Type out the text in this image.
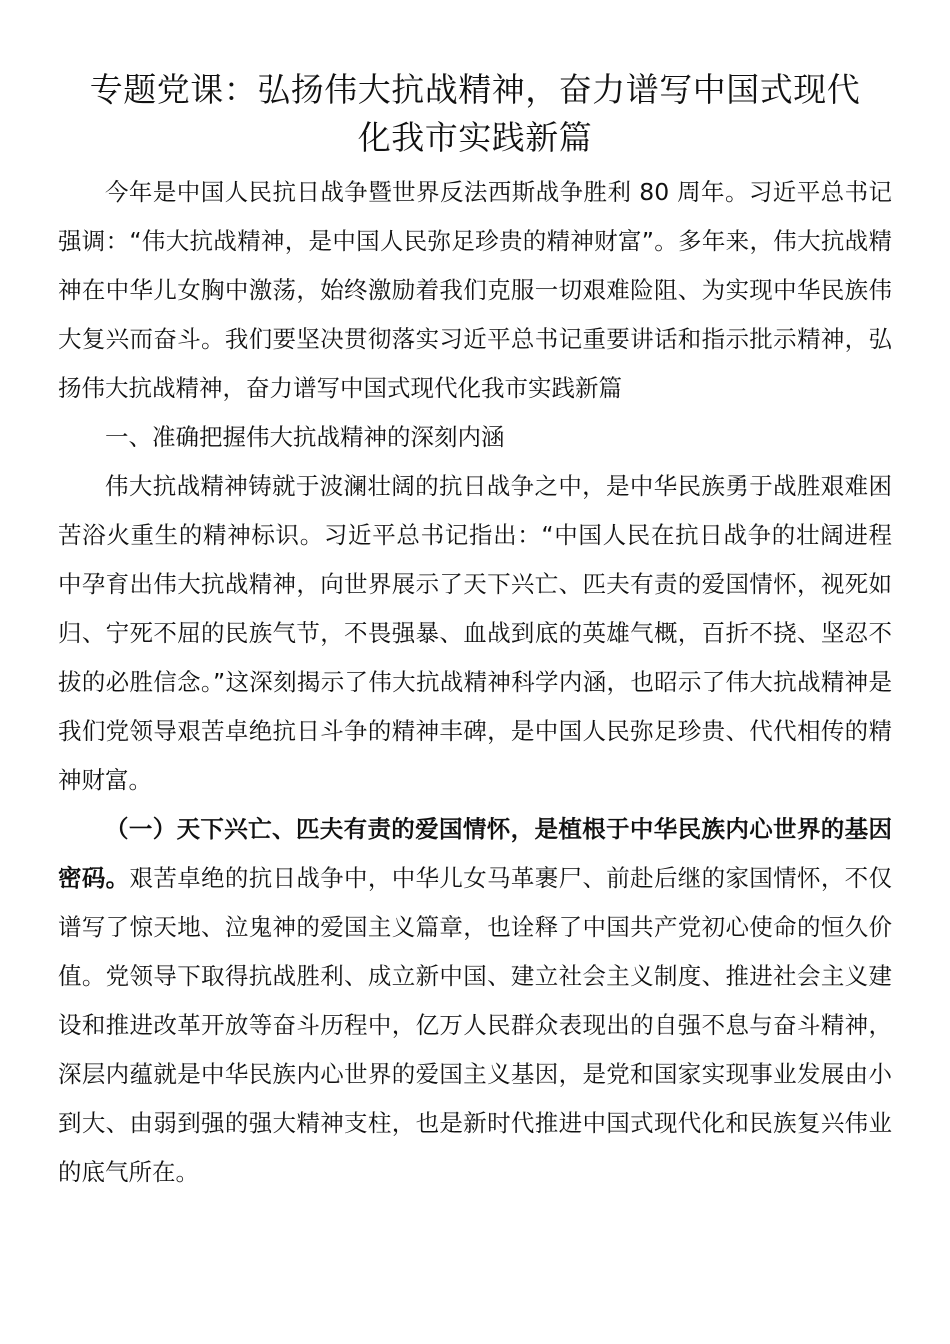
专题党课：弘扬伟大抗战精神，奋力谱写中国式现代
化我市实践新篇

今年是中国人民抗日战争暨世界反法西斯战争胜利 80 周年。习近平总书记强调：“伟大抗战精神，是中国人民弥足珍贵的精神财富”。多年来，伟大抗战精神在中华儿女胸中激荡，始终激励着我们克服一切艰难险阻、为实现中华民族伟大复兴而奋斗。我们要坚决贯彻落实习近平总书记重要讲话和指示批示精神，弘扬伟大抗战精神，奋力谱写中国式现代化我市实践新篇

一、准确把握伟大抗战精神的深刻内涵

伟大抗战精神铸就于波澜壮阔的抗日战争之中，是中华民族勇于战胜艰难困苦浴火重生的精神标识。习近平总书记指出：“中国人民在抗日战争的壮阔进程中孕育出伟大抗战精神，向世界展示了天下兴亡、匹夫有责的爱国情怀，视死如归、宁死不屈的民族气节，不畏强暴、血战到底的英雄气概，百折不挠、坚忍不拔的必胜信念。”这深刻揭示了伟大抗战精神科学内涵，也昭示了伟大抗战精神是我们党领导艰苦卓绝抗日斗争的精神丰碑，是中国人民弥足珍贵、代代相传的精神财富。

（一）天下兴亡、匹夫有责的爱国情怀，是植根于中华民族内心世界的基因密码。艰苦卓绝的抗日战争中，中华儿女马革裹尸、前赴后继的家国情怀，不仅谱写了惊天地、泣鬼神的爱国主义篇章，也诠释了中国共产党初心使命的恒久价值。党领导下取得抗战胜利、成立新中国、建立社会主义制度、推进社会主义建设和推进改革开放等奋斗历程中，亿万人民群众表现出的自强不息与奋斗精神，深层内蕴就是中华民族内心世界的爱国主义基因，是党和国家实现事业发展由小到大、由弱到强的强大精神支柱，也是新时代推进中国式现代化和民族复兴伟业的底气所在。
